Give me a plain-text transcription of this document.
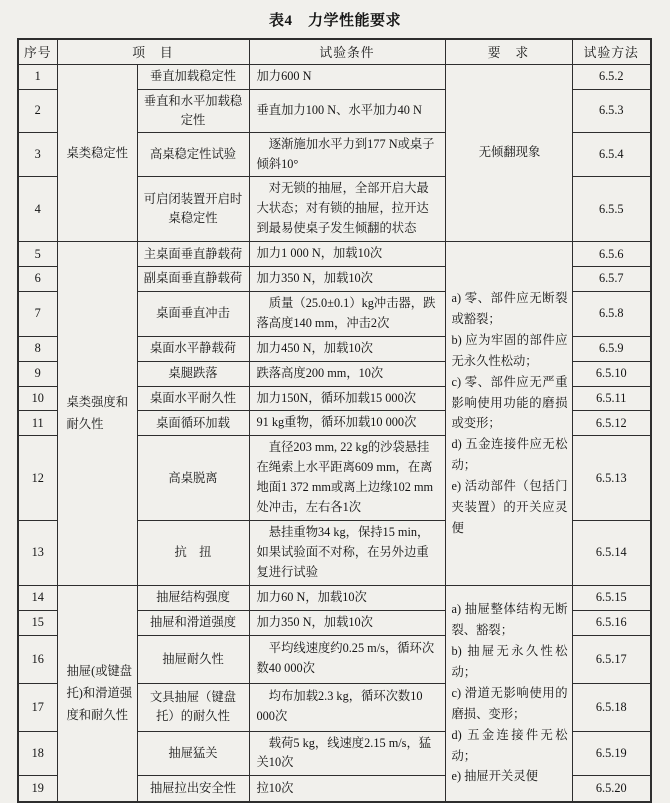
表4　力学性能要求
序号	项　目		试验条件	要　求	试验方法
1	桌类稳定性	垂直加载稳定性	加力600 N	无倾翻现象	6.5.2
2		垂直和水平加载稳定性	垂直加力100 N、水平加力40 N		6.5.3
3		高桌稳定性试验	逐渐施加水平力到177 N或桌子倾斜10°		6.5.4
4		可启闭装置开启时桌稳定性	对无锁的抽屉，全部开启大最大状态；对有锁的抽屉，拉开达到最易使桌子发生倾翻的状态		6.5.5
5	桌类强度和耐久性	主桌面垂直静载荷	加力1 000 N，加载10次	a) 零、部件应无断裂或豁裂；
b) 应为牢固的部件应无永久性松动；
c) 零、部件应无严重影响使用功能的磨损或变形；
d) 五金连接件应无松动；
e) 活动部件（包括门夹装置）的开关应灵便	6.5.6
6		副桌面垂直静载荷	加力350 N，加载10次		6.5.7
7		桌面垂直冲击	质量（25.0±0.1）kg冲击器，跌落高度140 mm，冲击2次		6.5.8
8		桌面水平静载荷	加力450 N，加载10次		6.5.9
9		桌腿跌落	跌落高度200 mm，10次		6.5.10
10		桌面水平耐久性	加力150N，循环加载15 000次		6.5.11
11		桌面循环加载	91 kg重物，循环加载10 000次		6.5.12
12		高桌脱离	直径203 mm, 22 kg的沙袋悬挂在绳索上水平距离609 mm，在离地面1 372 mm或离上边缘102 mm处冲击，左右各1次		6.5.13
13		抗　扭	悬挂重物34 kg，保持15 min，如果试验面不对称，在另外边重复进行试验		6.5.14
14	抽屉(或键盘托)和滑道强度和耐久性	抽屉结构强度	加力60 N，加载10次	a) 抽屉整体结构无断裂、豁裂；
b) 抽屉无永久性松动；
c) 滑道无影响使用的磨损、变形；
d) 五金连接件无松动；
e) 抽屉开关灵便	6.5.15
15		抽屉和滑道强度	加力350 N，加载10次		6.5.16
16		抽屉耐久性	平均线速度约0.25 m/s，循环次数40 000次		6.5.17
17		文具抽屉（键盘托）的耐久性	均布加载2.3 kg，循环次数10 000次		6.5.18
18		抽屉猛关	载荷5 kg，线速度2.15 m/s，猛关10次		6.5.19
19		抽屉拉出安全性	拉10次		6.5.20
